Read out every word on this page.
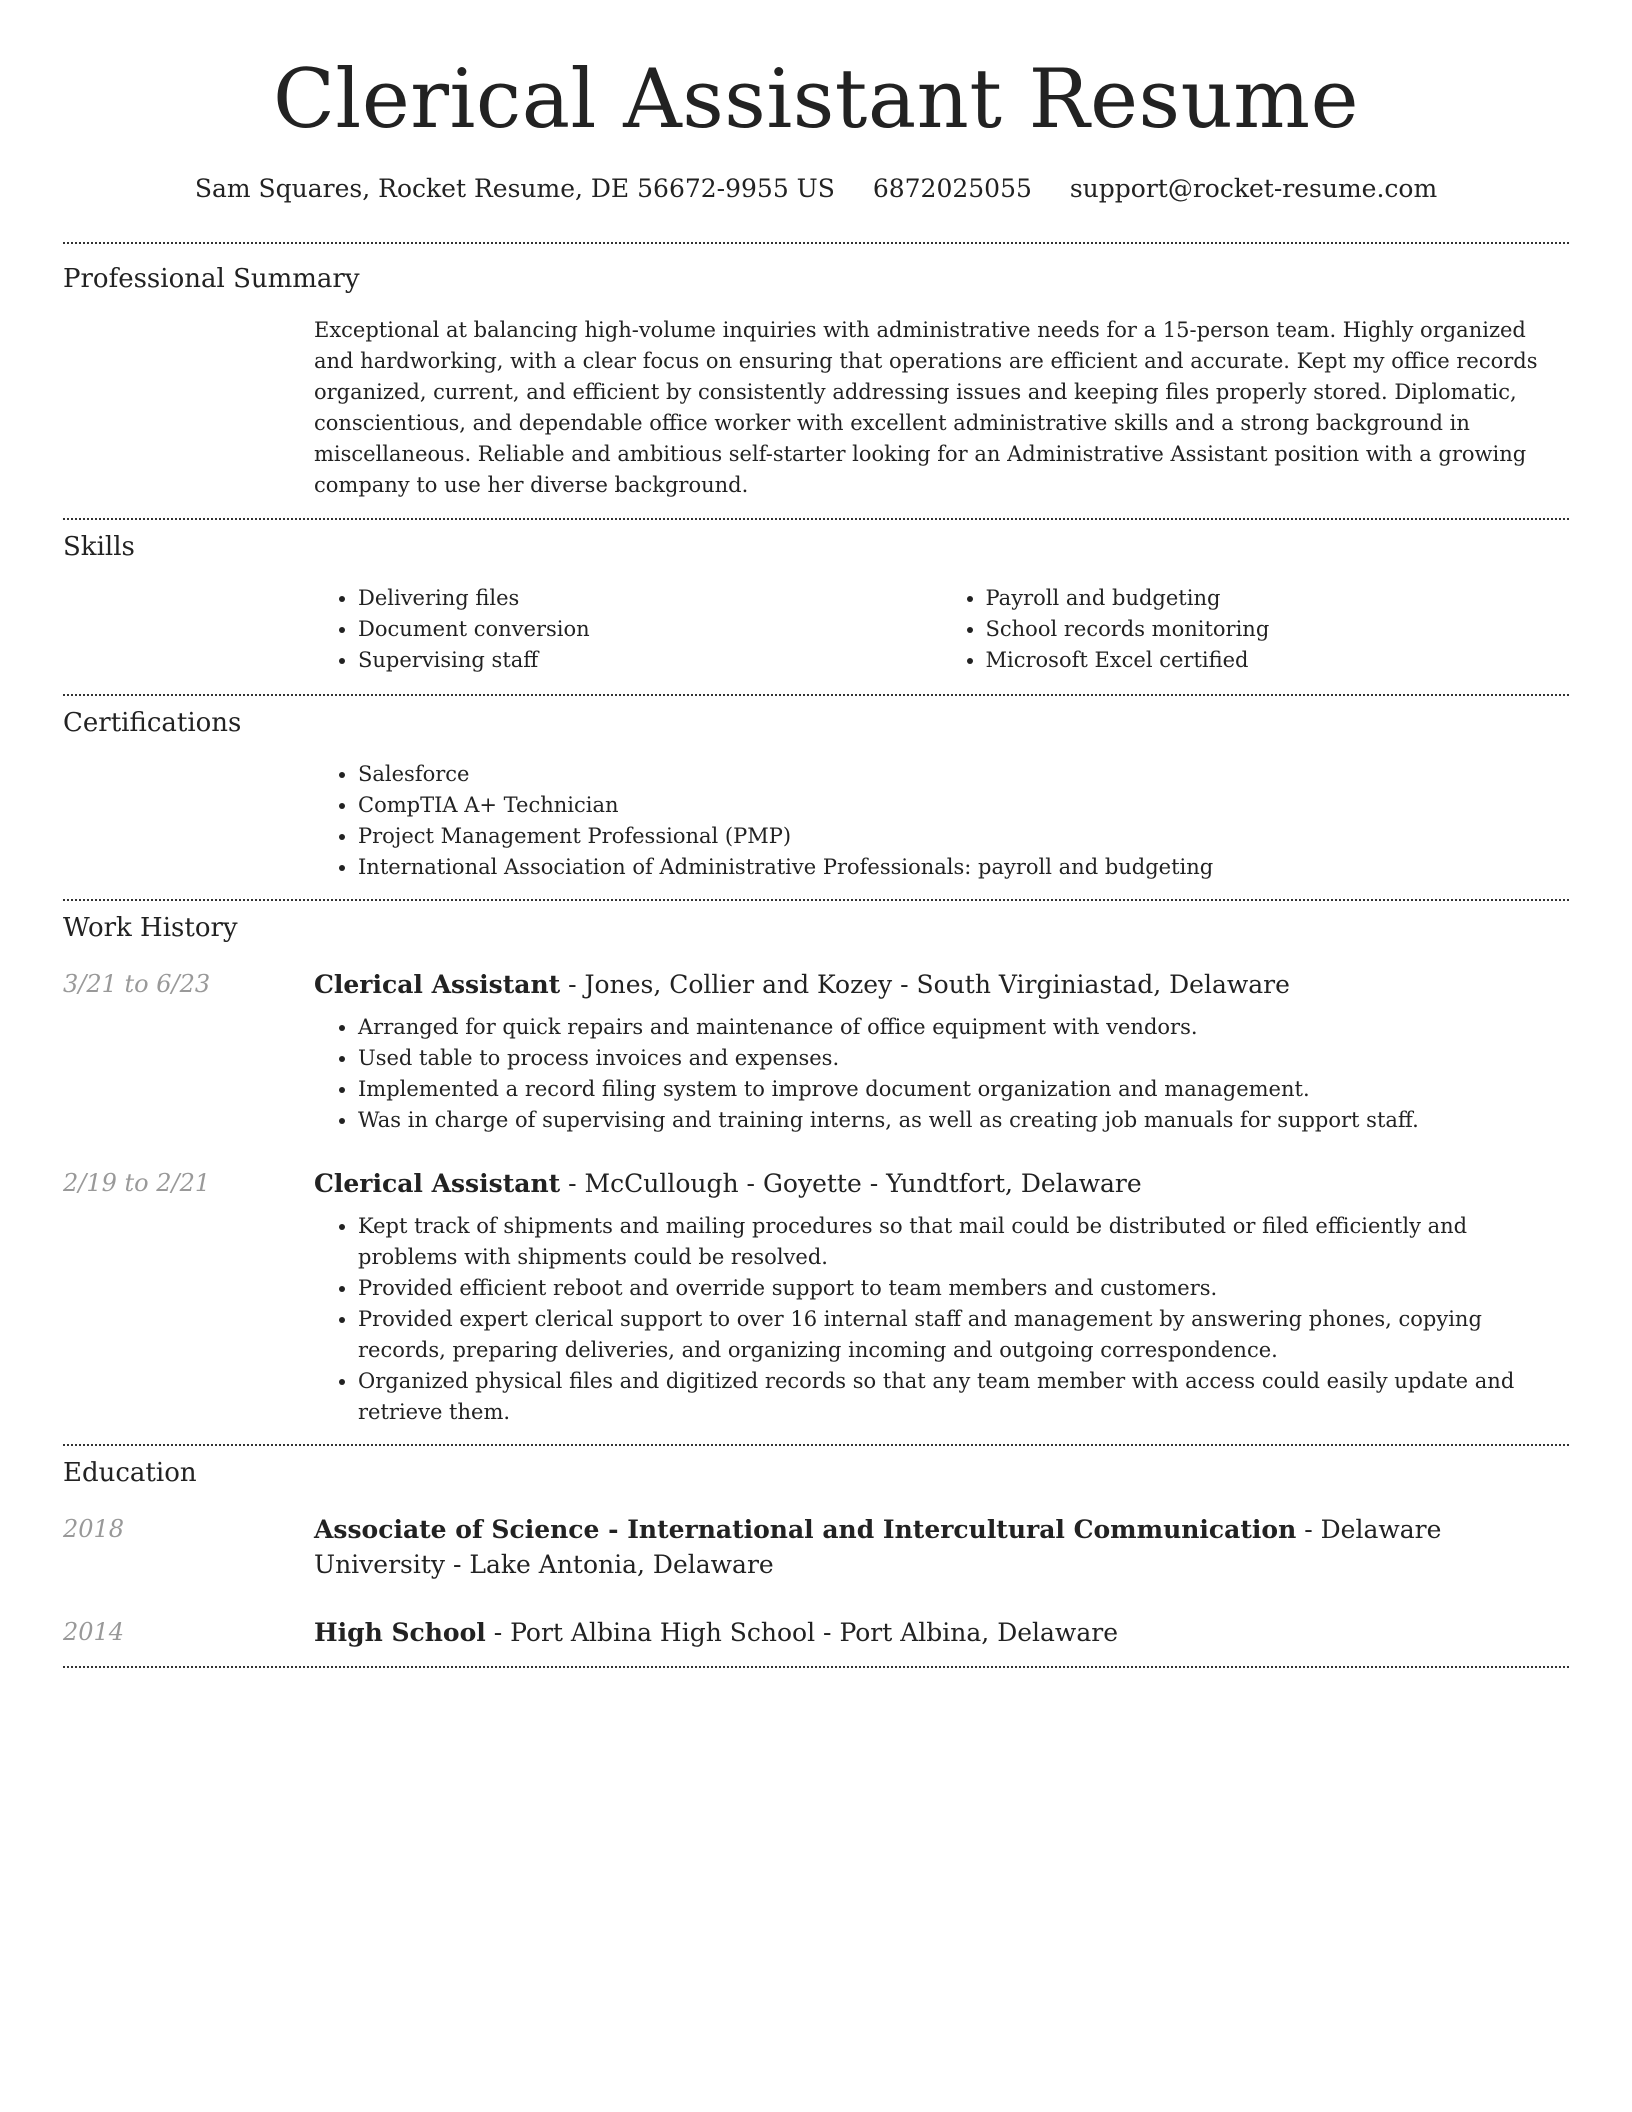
Clerical Assistant Resume
Sam Squares, Rocket Resume, DE 56672-9955 US 6872025055 support@rocket-resume.com
Professional Summary

Exceptional at balancing high-volume inquiries with administrative needs for a 15-person team. Highly organized and hardworking, with a clear focus on ensuring that operations are efficient and accurate. Kept my office records organized, current, and efficient by consistently addressing issues and keeping files properly stored. Diplomatic, conscientious, and dependable office worker with excellent administrative skills and a strong background in miscellaneous. Reliable and ambitious self-starter looking for an Administrative Assistant position with a growing company to use her diverse background.

Skills
• Delivering files
• Document conversion
• Supervising staff
• Payroll and budgeting
• School records monitoring
• Microsoft Excel certified
Certifications
• Salesforce
• CompTIA A+ Technician
• Project Management Professional (PMP)
• International Association of Administrative Professionals: payroll and budgeting
Work History
3/21 to 6/23	Clerical Assistant - Jones, Collier and Kozey - South Virginiastad, Delaware
• Arranged for quick repairs and maintenance of office equipment with vendors.
• Used table to process invoices and expenses.
• Implemented a record filing system to improve document organization and management.
• Was in charge of supervising and training interns, as well as creating job manuals for support staff.
2/19 to 2/21	Clerical Assistant - McCullough - Goyette - Yundtfort, Delaware
• Kept track of shipments and mailing procedures so that mail could be distributed or filed efficiently and problems with shipments could be resolved.
• Provided efficient reboot and override support to team members and customers.
• Provided expert clerical support to over 16 internal staff and management by answering phones, copying records, preparing deliveries, and organizing incoming and outgoing correspondence.
• Organized physical files and digitized records so that any team member with access could easily update and retrieve them.
Education
2018	Associate of Science - International and Intercultural Communication - Delaware University - Lake Antonia, Delaware
2014	High School - Port Albina High School - Port Albina, Delaware
